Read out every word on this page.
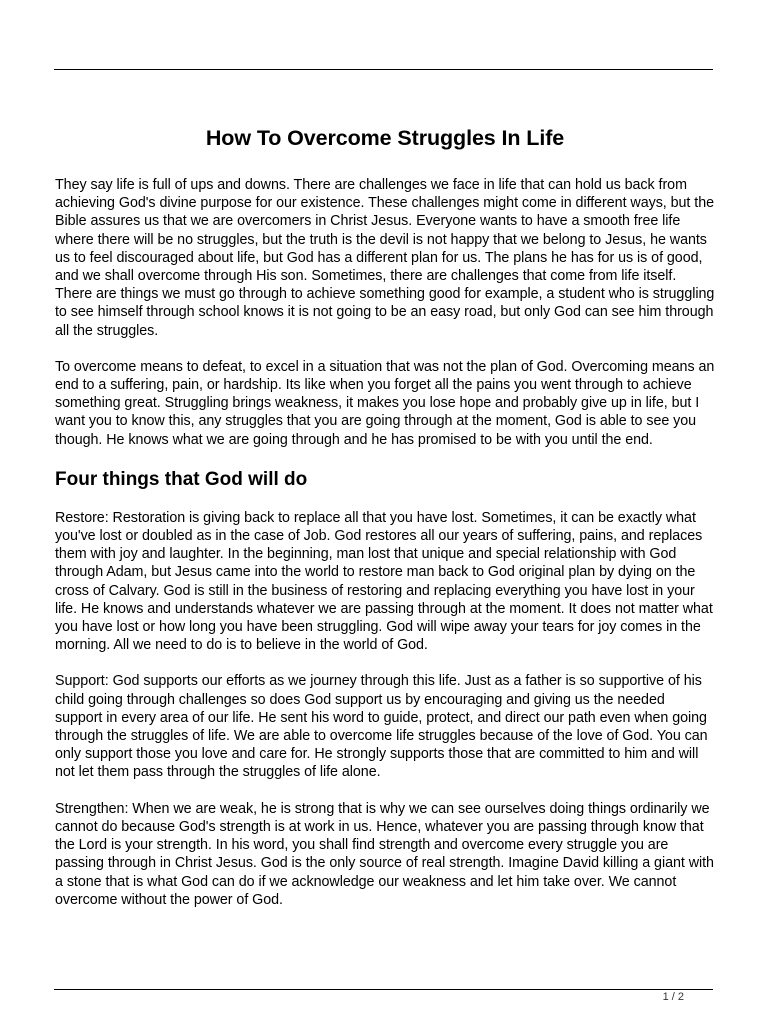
How To Overcome Struggles In Life

They say life is full of ups and downs. There are challenges we face in life that can hold us back from achieving God's divine purpose for our existence. These challenges might come in different ways, but the Bible assures us that we are overcomers in Christ Jesus. Everyone wants to have a smooth free life where there will be no struggles, but the truth is the devil is not happy that we belong to Jesus, he wants us to feel discouraged about life, but God has a different plan for us. The plans he has for us is of good, and we shall overcome through His son. Sometimes, there are challenges that come from life itself. There are things we must go through to achieve something good for example, a student who is struggling to see himself through school knows it is not going to be an easy road, but only God can see him through all the struggles.

To overcome means to defeat, to excel in a situation that was not the plan of God. Overcoming means an end to a suffering, pain, or hardship. Its like when you forget all the pains you went through to achieve something great. Struggling brings weakness, it makes you lose hope and probably give up in life, but I want you to know this, any struggles that you are going through at the moment, God is able to see you though. He knows what we are going through and he has promised to be with you until the end.

Four things that God will do

Restore: Restoration is giving back to replace all that you have lost. Sometimes, it can be exactly what you've lost or doubled as in the case of Job. God restores all our years of suffering, pains, and replaces them with joy and laughter. In the beginning, man lost that unique and special relationship with God through Adam, but Jesus came into the world to restore man back to God original plan by dying on the cross of Calvary. God is still in the business of restoring and replacing everything you have lost in your life. He knows and understands whatever we are passing through at the moment. It does not matter what you have lost or how long you have been struggling. God will wipe away your tears for joy comes in the morning. All we need to do is to believe in the world of God.

Support: God supports our efforts as we journey through this life. Just as a father is so supportive of his child going through challenges so does God support us by encouraging and giving us the needed support in every area of our life. He sent his word to guide, protect, and direct our path even when going through the struggles of life. We are able to overcome life struggles because of the love of God. You can only support those you love and care for. He strongly supports those that are committed to him and will not let them pass through the struggles of life alone.

Strengthen: When we are weak, he is strong that is why we can see ourselves doing things ordinarily we cannot do because God's strength is at work in us. Hence, whatever you are passing through know that the Lord is your strength. In his word, you shall find strength and overcome every struggle you are passing through in Christ Jesus. God is the only source of real strength. Imagine David killing a giant with a stone that is what God can do if we acknowledge our weakness and let him take over. We cannot overcome without the power of God.

1 / 2
